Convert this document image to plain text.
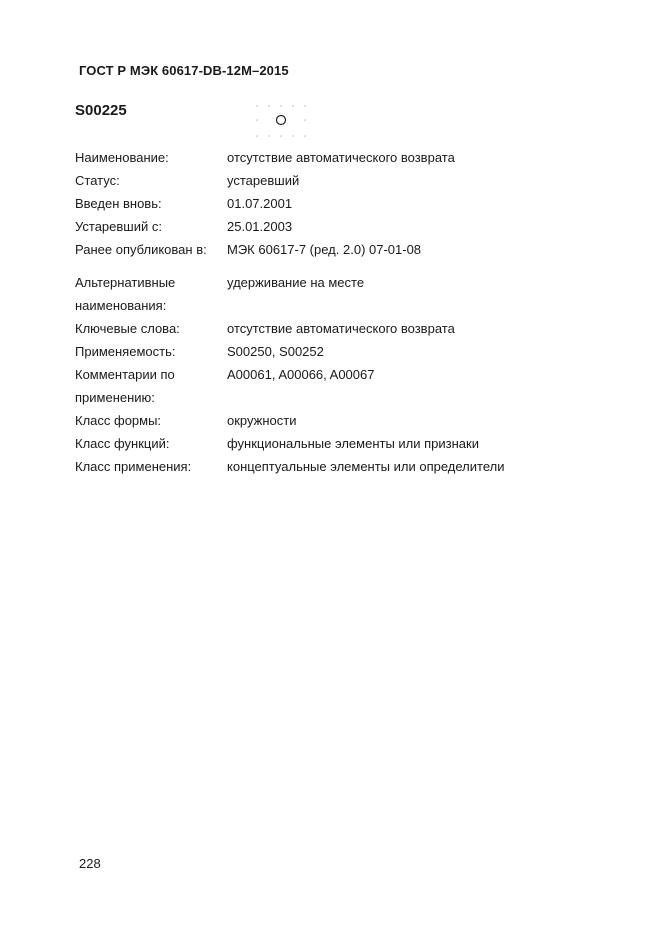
ГОСТ Р МЭК 60617-DB-12M–2015
S00225
Наименование:	отсутствие автоматического возврата
Статус:	устаревший
Введен вновь:	01.07.2001
Устаревший с:	25.01.2003
Ранее опубликован в:	МЭК 60617-7 (ред. 2.0) 07-01-08
Альтернативные	удерживание на месте
наименования:
Ключевые слова:	отсутствие автоматического возврата
Применяемость:	S00250, S00252
Комментарии по	A00061, A00066, A00067
применению:
Класс формы:	окружности
Класс функций:	функциональные элементы или признаки
Класс применения:	концептуальные элементы или определители
228
